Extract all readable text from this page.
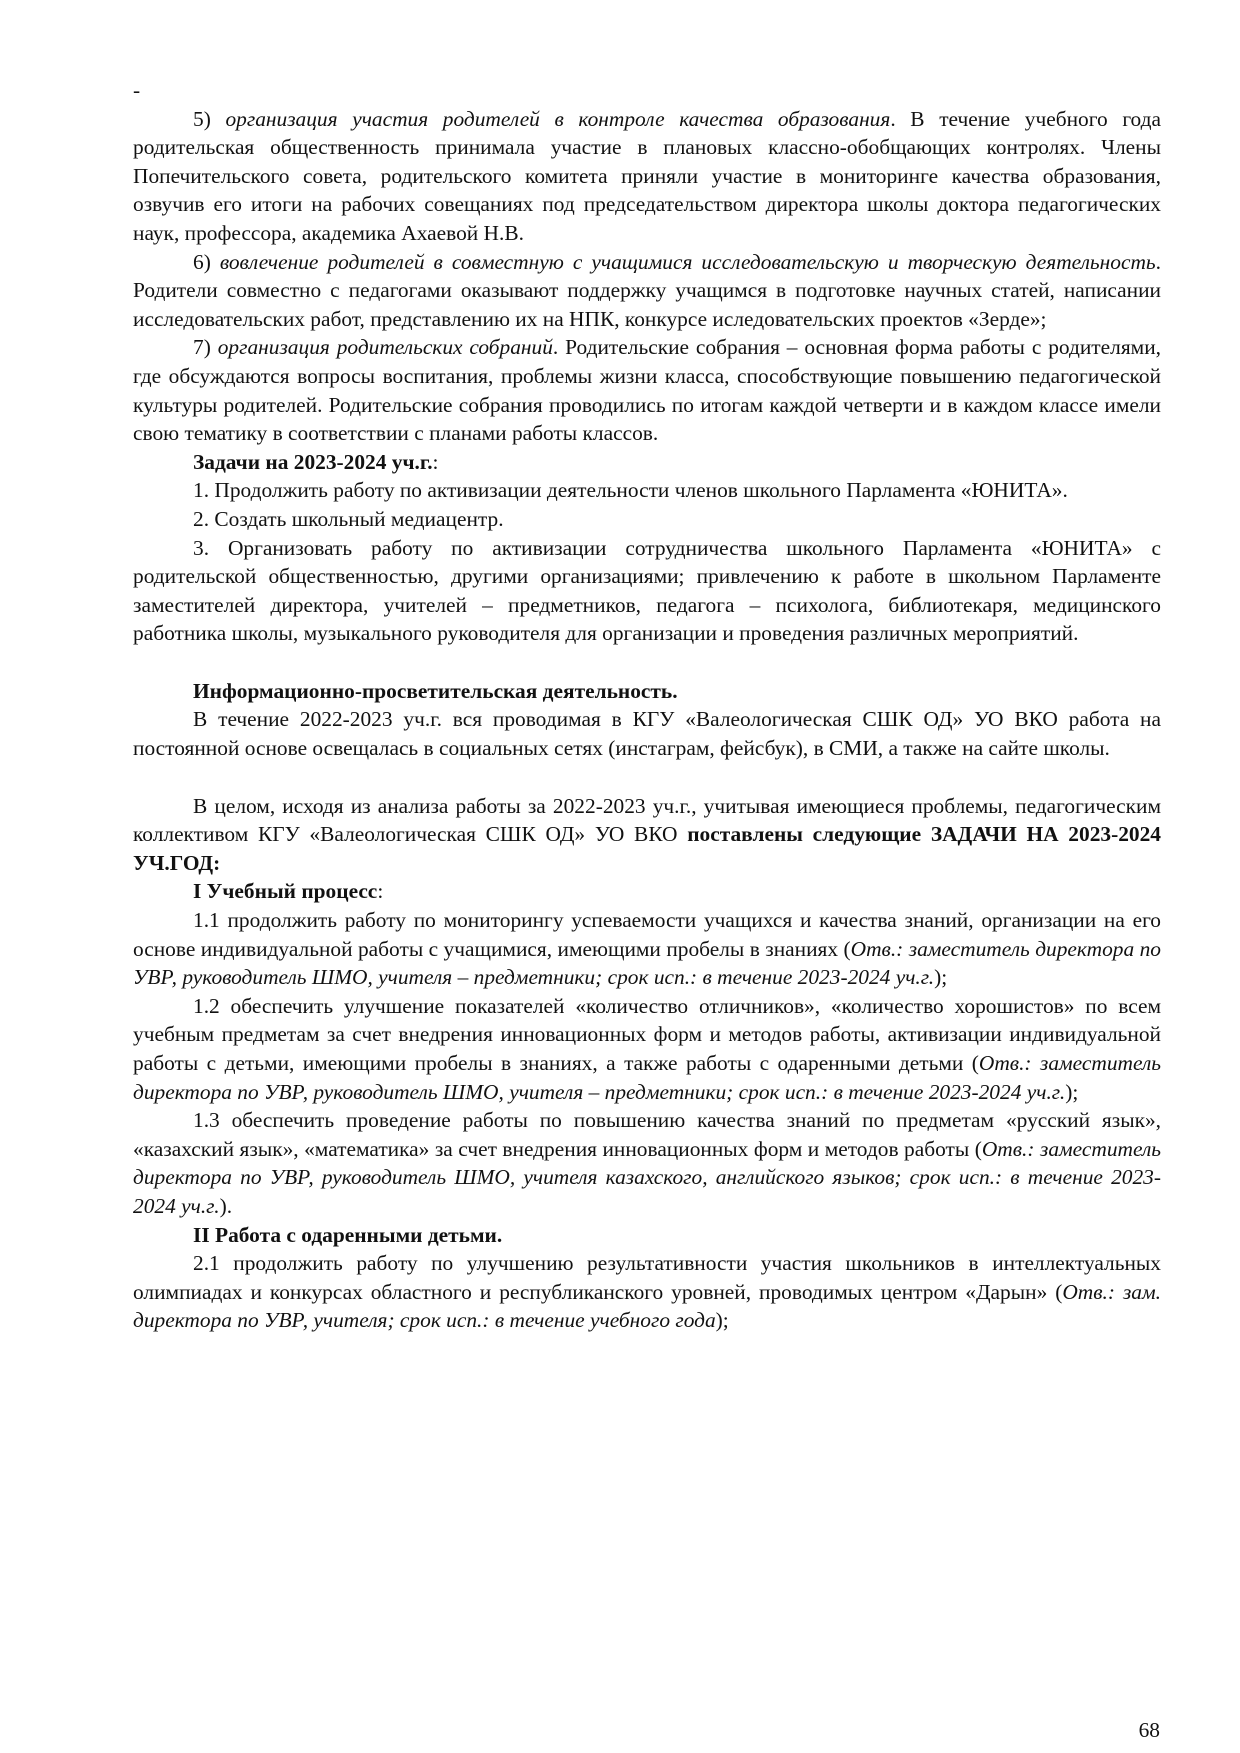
-

5) организация участия родителей в контроле качества образования. В течение учебного года родительская общественность принимала участие в плановых классно-обобщающих контролях. Члены Попечительского совета, родительского комитета приняли участие в мониторинге качества образования, озвучив его итоги на рабочих совещаниях под председательством директора школы доктора педагогических наук, профессора, академика Ахаевой Н.В.

6) вовлечение родителей в совместную с учащимися исследовательскую и творческую деятельность. Родители совместно с педагогами оказывают поддержку учащимся в подготовке научных статей, написании исследовательских работ, представлению их на НПК, конкурсе иследовательских проектов «Зерде»;

7) организация родительских собраний. Родительские собрания – основная форма работы с родителями, где обсуждаются вопросы воспитания, проблемы жизни класса, способствующие повышению педагогической культуры родителей. Родительские собрания проводились по итогам каждой четверти и в каждом классе имели свою тематику в соответствии с планами работы классов.

Задачи на 2023-2024 уч.г.:

1. Продолжить работу по активизации деятельности членов школьного Парламента «ЮНИТА».

2. Создать школьный медиацентр.

3. Организовать работу по активизации сотрудничества школьного Парламента «ЮНИТА» с родительской общественностью, другими организациями; привлечению к работе в школьном Парламенте заместителей директора, учителей – предметников, педагога – психолога, библиотекаря, медицинского работника школы, музыкального руководителя для организации и проведения различных мероприятий.

Информационно-просветительская деятельность.

В течение 2022-2023 уч.г. вся проводимая в КГУ «Валеологическая СШК ОД» УО ВКО работа на постоянной основе освещалась в социальных сетях (инстаграм, фейсбук), в СМИ, а также на сайте школы.

В целом, исходя из анализа работы за 2022-2023 уч.г., учитывая имеющиеся проблемы, педагогическим коллективом КГУ «Валеологическая СШК ОД» УО ВКО поставлены следующие ЗАДАЧИ НА 2023-2024 УЧ.ГОД:

I Учебный процесс:

1.1 продолжить работу по мониторингу успеваемости учащихся и качества знаний, организации на его основе индивидуальной работы с учащимися, имеющими пробелы в знаниях (Отв.: заместитель директора по УВР, руководитель ШМО, учителя – предметники; срок исп.: в течение 2023-2024 уч.г.);

1.2 обеспечить улучшение показателей «количество отличников», «количество хорошистов» по всем учебным предметам за счет внедрения инновационных форм и методов работы, активизации индивидуальной работы с детьми, имеющими пробелы в знаниях, а также работы с одаренными детьми (Отв.: заместитель директора по УВР, руководитель ШМО, учителя – предметники; срок исп.: в течение 2023-2024 уч.г.);

1.3 обеспечить проведение работы по повышению качества знаний по предметам «русский язык», «казахский язык», «математика» за счет внедрения инновационных форм и методов работы (Отв.: заместитель директора по УВР, руководитель ШМО, учителя казахского, английского языков; срок исп.: в течение 2023-2024 уч.г.).

II Работа с одаренными детьми.

2.1 продолжить работу по улучшению результативности участия школьников в интеллектуальных олимпиадах и конкурсах областного и республиканского уровней, проводимых центром «Дарын» (Отв.: зам. директора по УВР, учителя; срок исп.: в течение учебного года);

68
